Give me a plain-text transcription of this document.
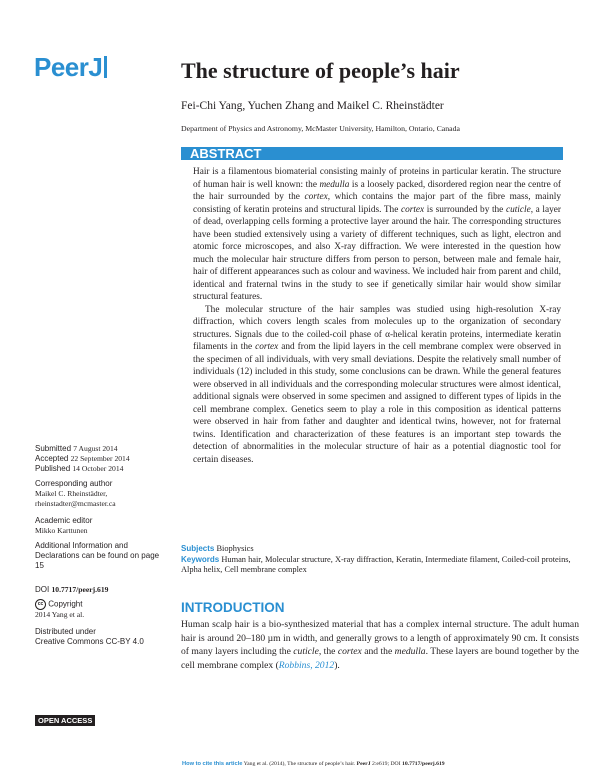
PeerJ	The structure of people’s hair
Fei-Chi Yang, Yuchen Zhang and Maikel C. Rheinstädter
Department of Physics and Astronomy, McMaster University, Hamilton, Ontario, Canada
ABSTRACT

Hair is a filamentous biomaterial consisting mainly of proteins in particular keratin. The structure of human hair is well known: the medulla is a loosely packed, disordered region near the centre of the hair surrounded by the cortex, which contains the major part of the fibre mass, mainly consisting of keratin proteins and structural lipids. The cortex is surrounded by the cuticle, a layer of dead, overlapping cells forming a protective layer around the hair. The corresponding structures have been studied extensively using a variety of different techniques, such as light, electron and atomic force microscopes, and also X-ray diffraction. We were interested in the question how much the molecular hair structure differs from person to person, between male and female hair, hair of different appearances such as colour and waviness. We included hair from parent and child, identical and fraternal twins in the study to see if genetically similar hair would show similar structural features.

The molecular structure of the hair samples was studied using high-resolution X-ray diffraction, which covers length scales from molecules up to the organization of secondary structures. Signals due to the coiled-coil phase of α-helical keratin proteins, intermediate keratin filaments in the cortex and from the lipid layers in the cell membrane complex were observed in the specimen of all individuals, with very small deviations. Despite the relatively small number of individuals (12) included in this study, some conclusions can be drawn. While the general features were observed in all individuals and the corresponding molecular structures were almost identical, additional signals were observed in some specimen and assigned to different types of lipids in the cell membrane complex. Genetics seem to play a role in this composition as identical patterns were observed in hair from father and daughter and identical twins, however, not for fraternal twins. Identification and characterization of these features is an important step towards the detection of abnormalities in the molecular structure of hair as a potential diagnostic tool for certain diseases.

Subjects Biophysics
Keywords Human hair, Molecular structure, X-ray diffraction, Keratin, Intermediate filament, Coiled-coil proteins, Alpha helix, Cell membrane complex
INTRODUCTION

Human scalp hair is a bio-synthesized material that has a complex internal structure. The adult human hair is around 20–180 µm in width, and generally grows to a length of approximately 90 cm. It consists of many layers including the cuticle, the cortex and the medulla. These layers are bound together by the cell membrane complex (Robbins, 2012).

Submitted 7 August 2014
Accepted 22 September 2014
Published 14 October 2014
Corresponding author
Maikel C. Rheinstädter,
rheinstadter@mcmaster.ca
Academic editor
Mikko Karttunen
Additional Information and Declarations can be found on page 15
DOI 10.7717/peerj.619
cc Copyright
2014 Yang et al.
Distributed under
Creative Commons CC-BY 4.0
OPEN ACCESS
How to cite this article Yang et al. (2014), The structure of people’s hair. PeerJ 2:e619; DOI 10.7717/peerj.619
